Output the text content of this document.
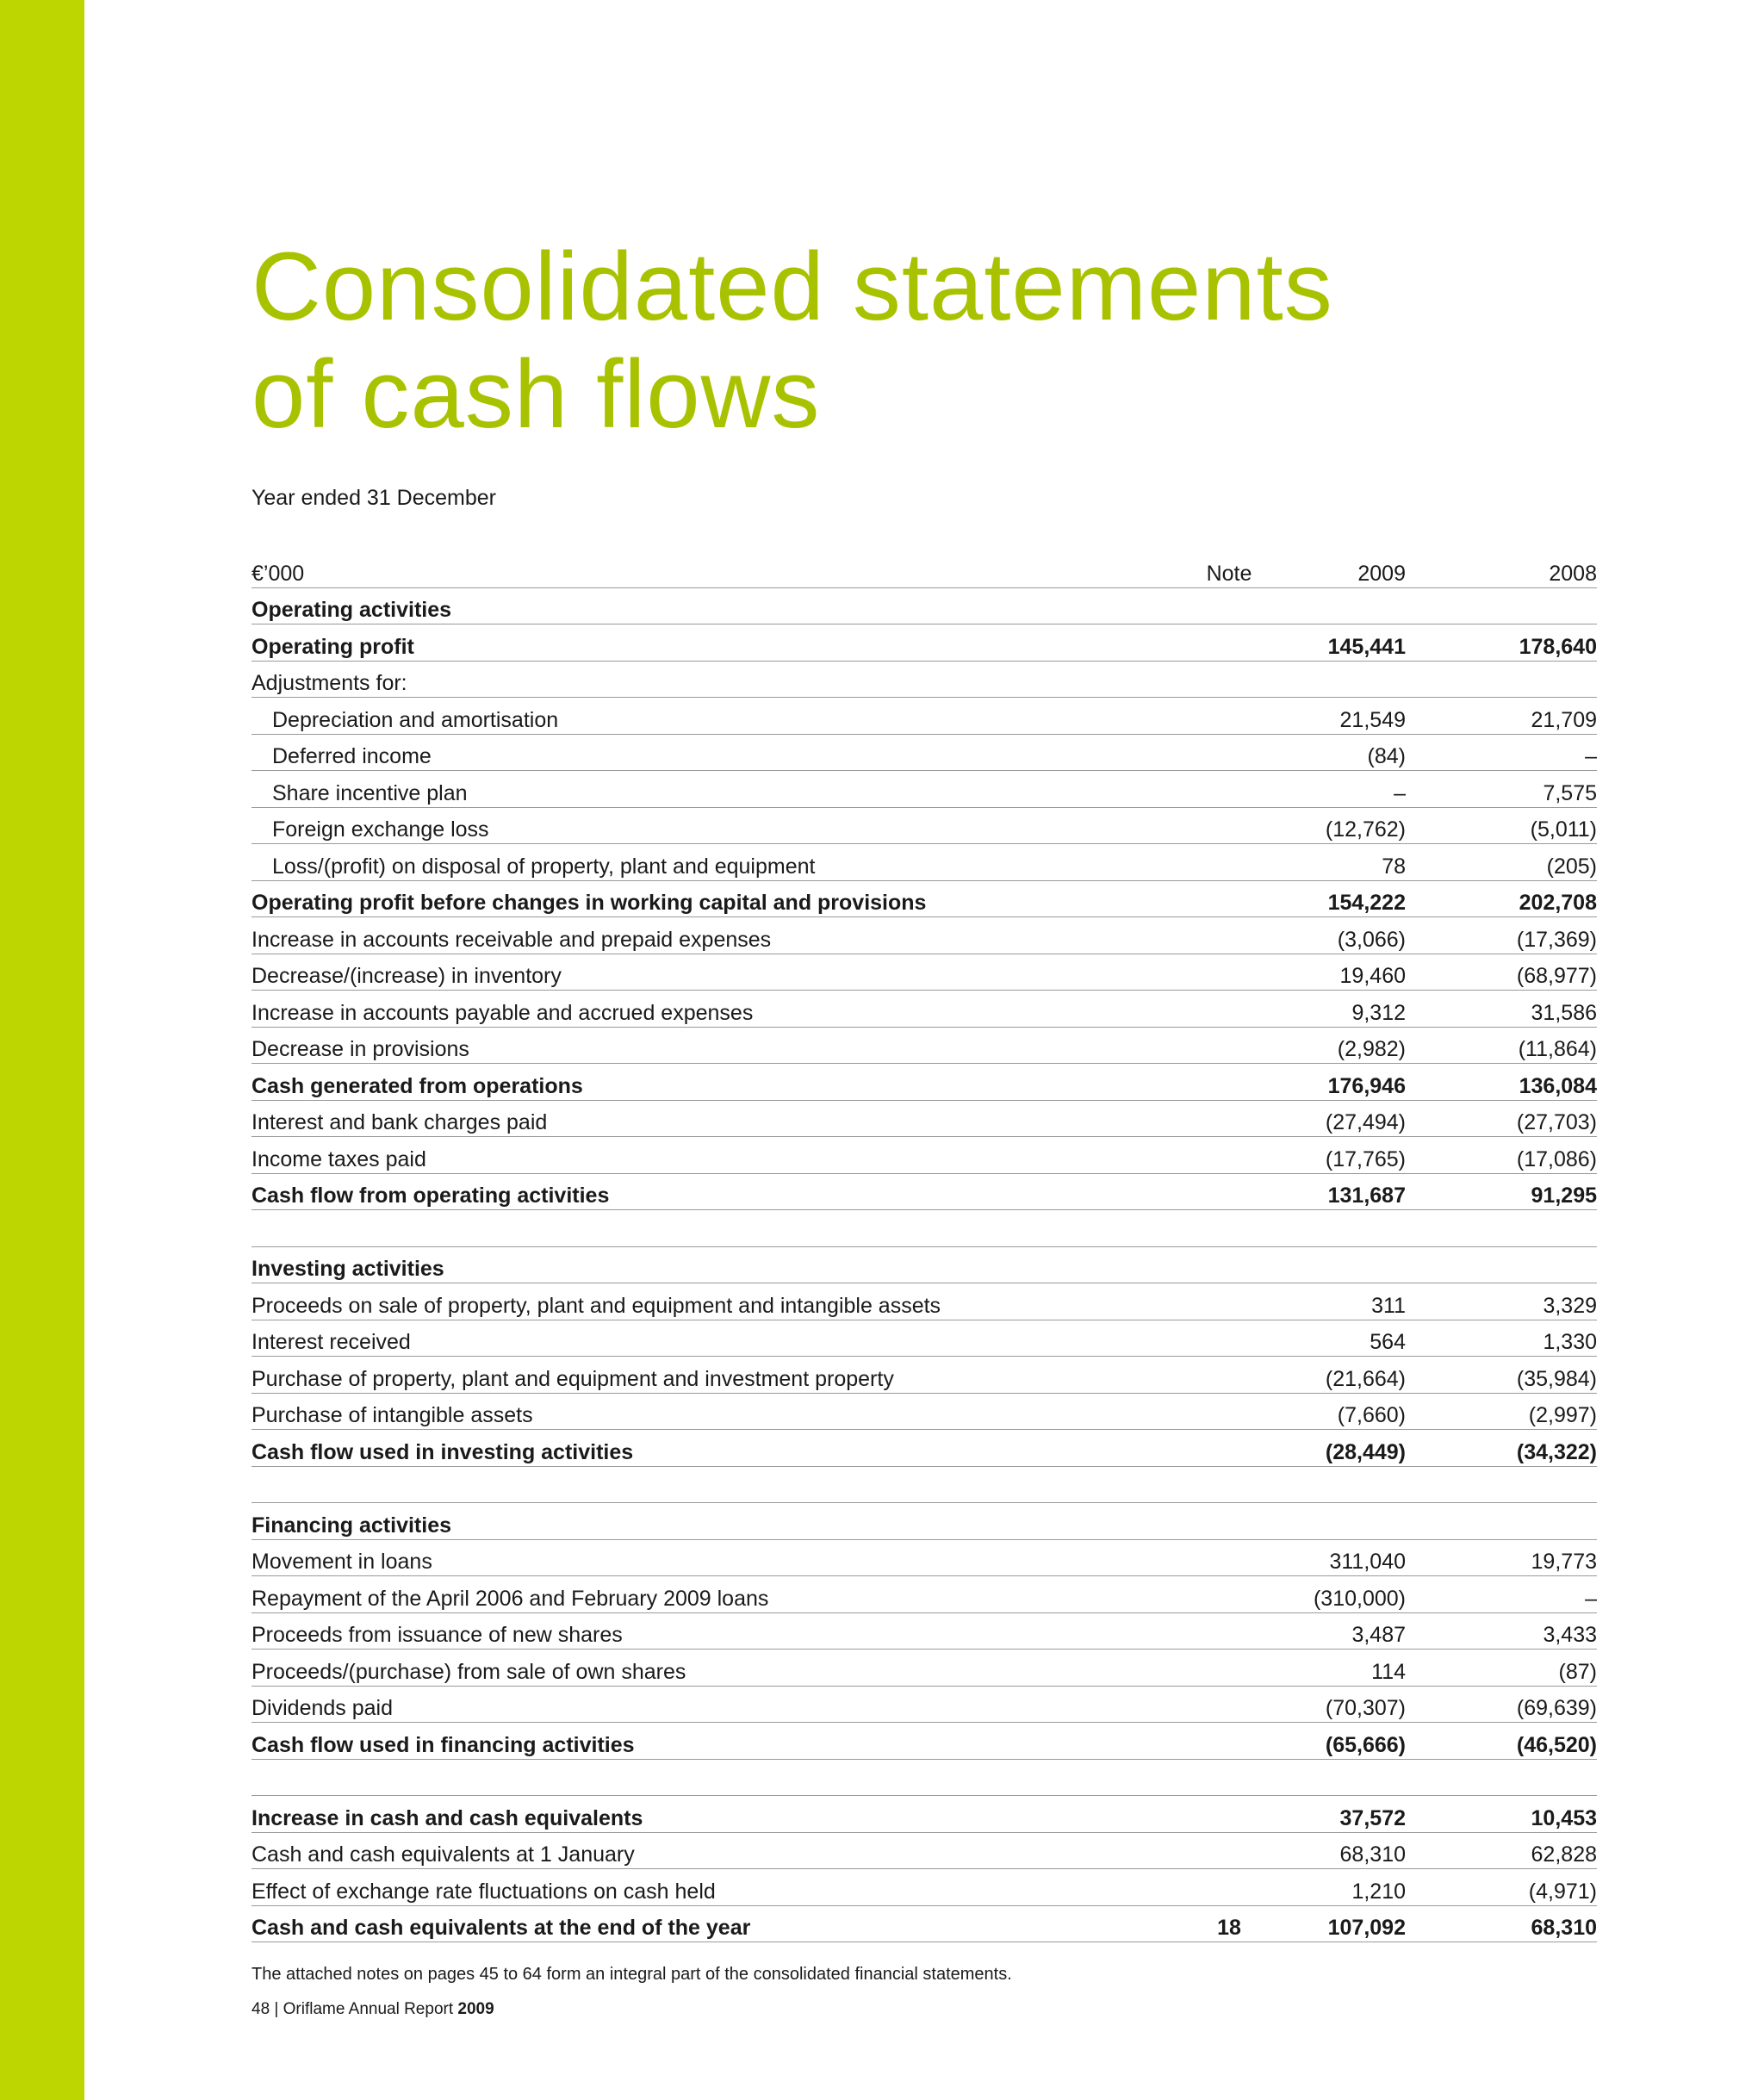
Consolidated statements
of cash flows
Year ended 31 December
€’000	Note	2009	2008
Operating activities			
Operating profit		145,441	178,640
Adjustments for:			
Depreciation and amortisation		21,549	21,709
Deferred income		(84)	–
Share incentive plan		–	7,575
Foreign exchange loss		(12,762)	(5,011)
Loss/(profit) on disposal of property, plant and equipment		78	(205)
Operating profit before changes in working capital and provisions		154,222	202,708
Increase in accounts receivable and prepaid expenses		(3,066)	(17,369)
Decrease/(increase) in inventory		19,460	(68,977)
Increase in accounts payable and accrued expenses		9,312	31,586
Decrease in provisions		(2,982)	(11,864)
Cash generated from operations		176,946	136,084
Interest and bank charges paid		(27,494)	(27,703)
Income taxes paid		(17,765)	(17,086)
Cash flow from operating activities		131,687	91,295

Investing activities			
Proceeds on sale of property, plant and equipment and intangible assets		311	3,329
Interest received		564	1,330
Purchase of property, plant and equipment and investment property		(21,664)	(35,984)
Purchase of intangible assets		(7,660)	(2,997)
Cash flow used in investing activities		(28,449)	(34,322)

Financing activities			
Movement in loans		311,040	19,773
Repayment of the April 2006 and February 2009 loans		(310,000)	–
Proceeds from issuance of new shares		3,487	3,433
Proceeds/(purchase) from sale of own shares		114	(87)
Dividends paid		(70,307)	(69,639)
Cash flow used in financing activities		(65,666)	(46,520)

Increase in cash and cash equivalents		37,572	10,453
Cash and cash equivalents at 1 January		68,310	62,828
Effect of exchange rate fluctuations on cash held		1,210	(4,971)
Cash and cash equivalents at the end of the year	18	107,092	68,310
The attached notes on pages 45 to 64 form an integral part of the consolidated financial statements.
48 | Oriflame Annual Report 2009
